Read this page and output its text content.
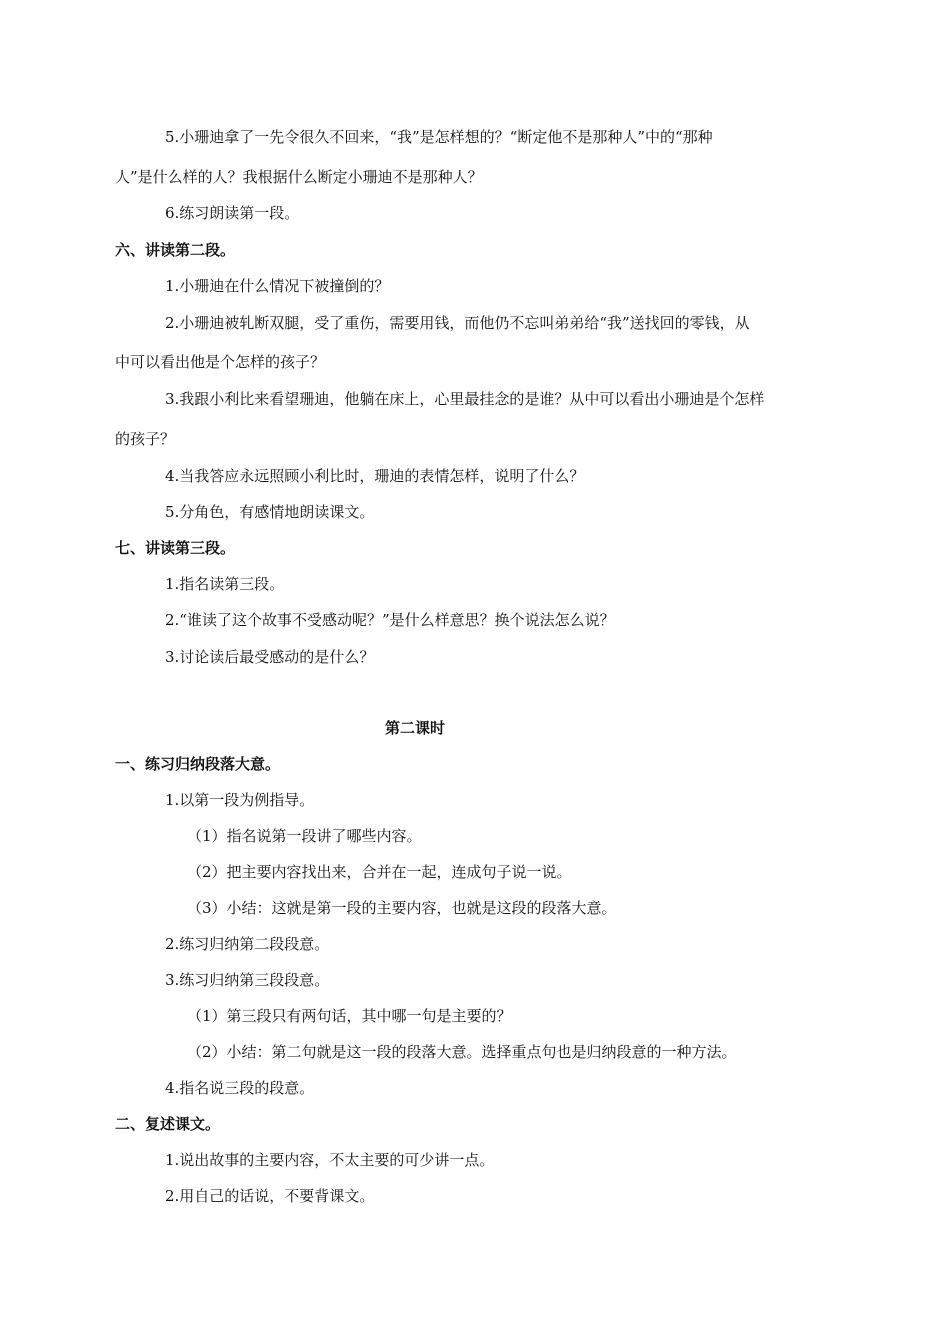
5.小珊迪拿了一先令很久不回来，“我”是怎样想的？“断定他不是那种人”中的“那种
人”是什么样的人？我根据什么断定小珊迪不是那种人？
6.练习朗读第一段。
六、讲读第二段。
1.小珊迪在什么情况下被撞倒的？
2.小珊迪被轧断双腿，受了重伤，需要用钱，而他仍不忘叫弟弟给“我”送找回的零钱，从
中可以看出他是个怎样的孩子？
3.我跟小利比来看望珊迪，他躺在床上，心里最挂念的是谁？从中可以看出小珊迪是个怎样
的孩子？
4.当我答应永远照顾小利比时，珊迪的表情怎样，说明了什么？
5.分角色，有感情地朗读课文。
七、讲读第三段。
1.指名读第三段。
2.“谁读了这个故事不受感动呢？”是什么样意思？换个说法怎么说？
3.讨论读后最受感动的是什么？
第二课时
一、练习归纳段落大意。
1.以第一段为例指导。
（1）指名说第一段讲了哪些内容。
（2）把主要内容找出来，合并在一起，连成句子说一说。
（3）小结：这就是第一段的主要内容，也就是这段的段落大意。
2.练习归纳第二段段意。
3.练习归纳第三段段意。
（1）第三段只有两句话，其中哪一句是主要的？
（2）小结：第二句就是这一段的段落大意。选择重点句也是归纳段意的一种方法。
4.指名说三段的段意。
二、复述课文。
1.说出故事的主要内容，不太主要的可少讲一点。
2.用自己的话说，不要背课文。
